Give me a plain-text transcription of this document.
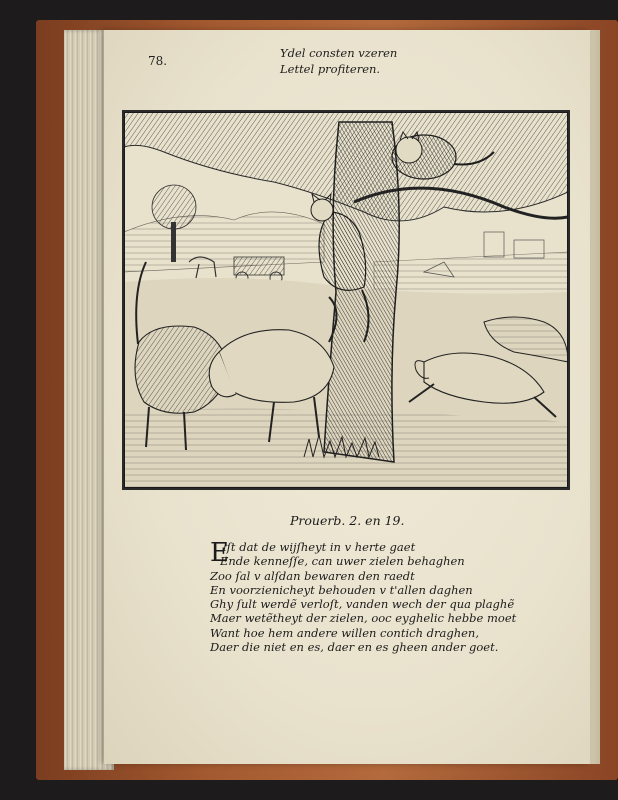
78.
Ydel consten vzeren
Lettel profiteren.
Prouerb. 2. en 19.
E
lſt dat de wijſheyt in v herte gaet
Ende kenneſſe, can uwer zielen behaghen
Zoo ſal v alſdan bewaren den raedt
En voorzienicheyt behouden v t'allen daghen
Ghy ſult werdẽ verloſt, vanden wech der qua plaghẽ
Maer wetẽtheyt der zielen, ooc eyghelic hebbe moet
Want hoe hem andere willen contich draghen,
Daer die niet en es, daer en es gheen ander goet.
